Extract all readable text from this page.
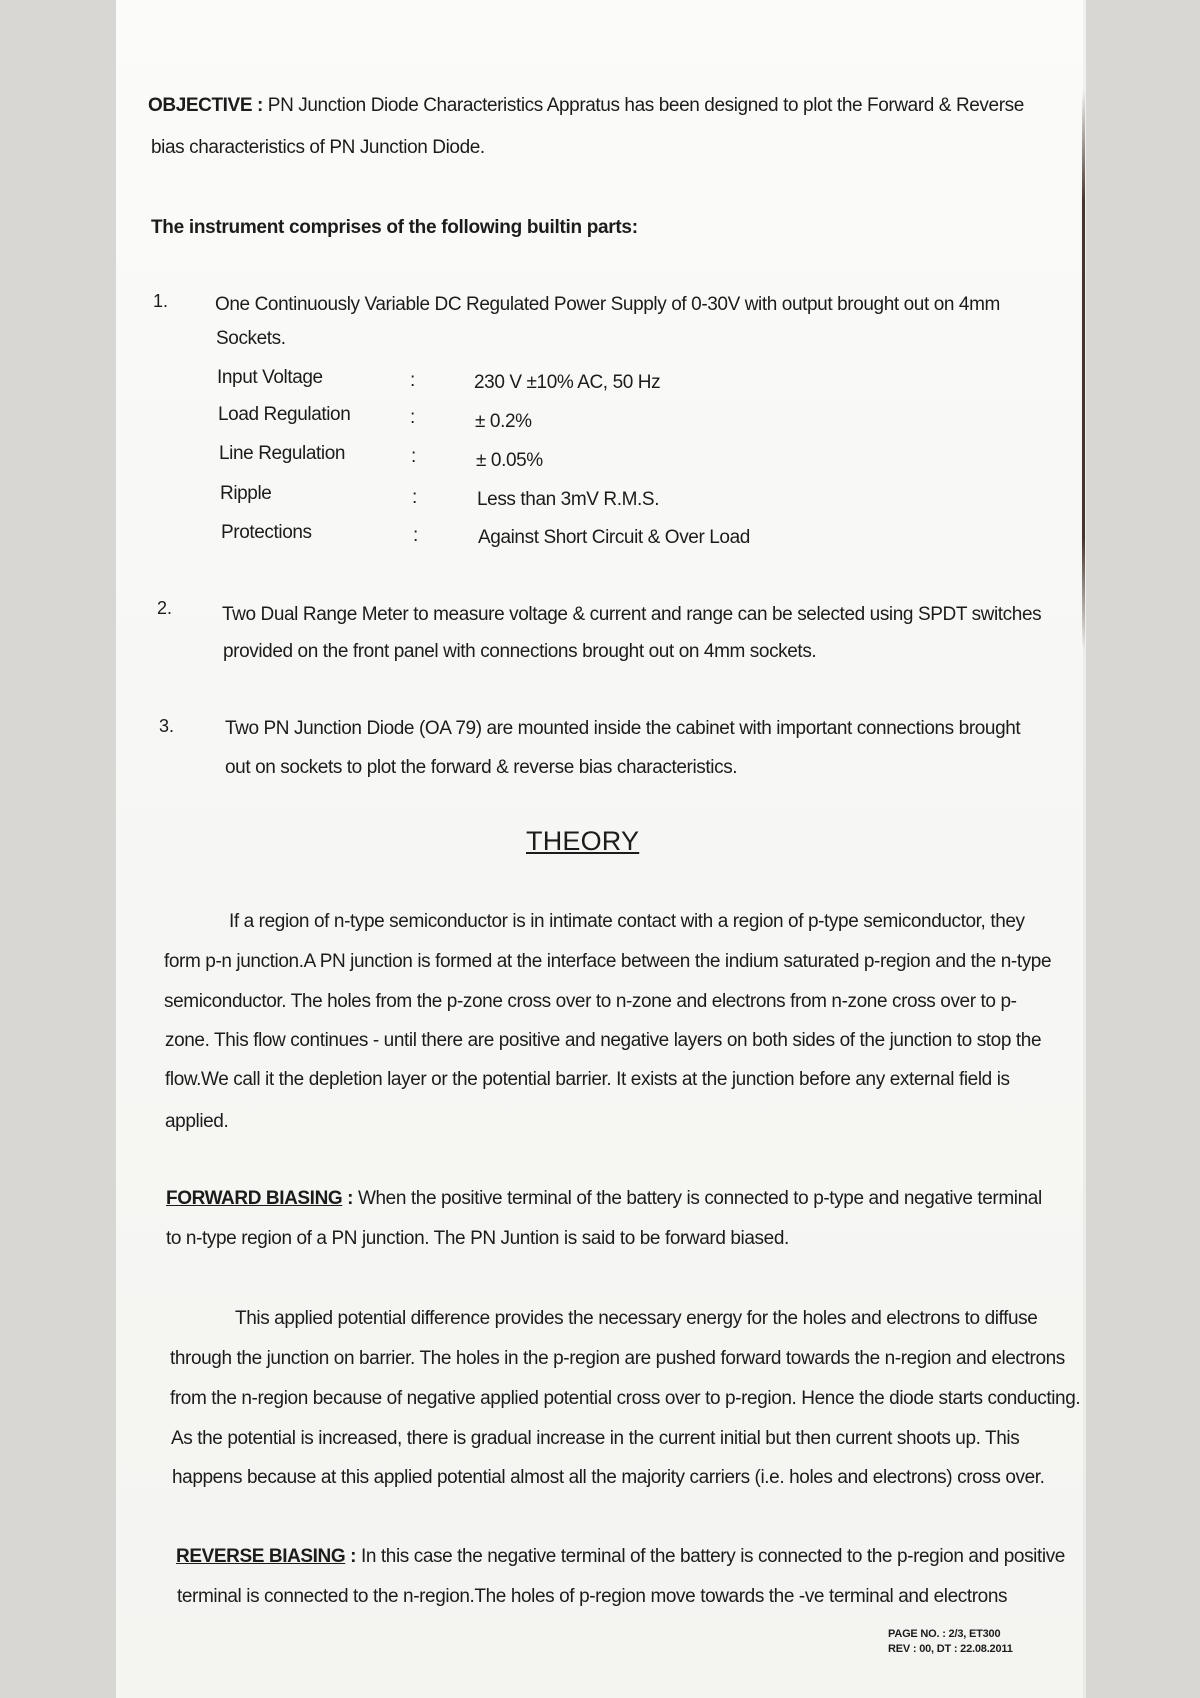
OBJECTIVE : PN Junction Diode Characteristics Appratus has been designed to plot the Forward & Reverse
bias characteristics of PN Junction Diode.
The instrument comprises of the following builtin parts:
1. One Continuously Variable DC Regulated Power Supply of 0-30V with output brought out on 4mm
Sockets.
Input Voltage	:	230 V ±10% AC, 50 Hz
Load Regulation	:	± 0.2%
Line Regulation	:	± 0.05%
Ripple	:	Less than 3mV R.M.S.
Protections	:	Against Short Circuit & Over Load
2.	Two Dual Range Meter to measure voltage & current and range can be selected using SPDT switches
provided on the front panel with connections brought out on 4mm sockets.
3.	Two PN Junction Diode (OA 79) are mounted inside the cabinet with important connections brought
out on sockets to plot the forward & reverse bias characteristics.
THEORY
If a region of n-type semiconductor is in intimate contact with a region of p-type semiconductor, they
form p-n junction.A PN junction is formed at the interface between the indium saturated p-region and the n-type
semiconductor. The holes from the p-zone cross over to n-zone and electrons from n-zone cross over to p-
zone. This flow continues - until there are positive and negative layers on both sides of the junction to stop the
flow.We call it the depletion layer or the potential barrier. It exists at the junction before any external field is
applied.
FORWARD BIASING : When the positive terminal of the battery is connected to p-type and negative terminal
to n-type region of a PN junction. The PN Juntion is said to be forward biased.
This applied potential difference provides the necessary energy for the holes and electrons to diffuse
through the junction on barrier. The holes in the p-region are pushed forward towards the n-region and electrons
from the n-region because of negative applied potential cross over to p-region. Hence the diode starts conducting.
As the potential is increased, there is gradual increase in the current initial but then current shoots up. This
happens because at this applied potential almost all the majority carriers (i.e. holes and electrons) cross over.
REVERSE BIASING : In this case the negative terminal of the battery is connected to the p-region and positive
terminal is connected to the n-region.The holes of p-region move towards the -ve terminal and electrons
PAGE NO. : 2/3, ET300
REV : 00, DT : 22.08.2011
